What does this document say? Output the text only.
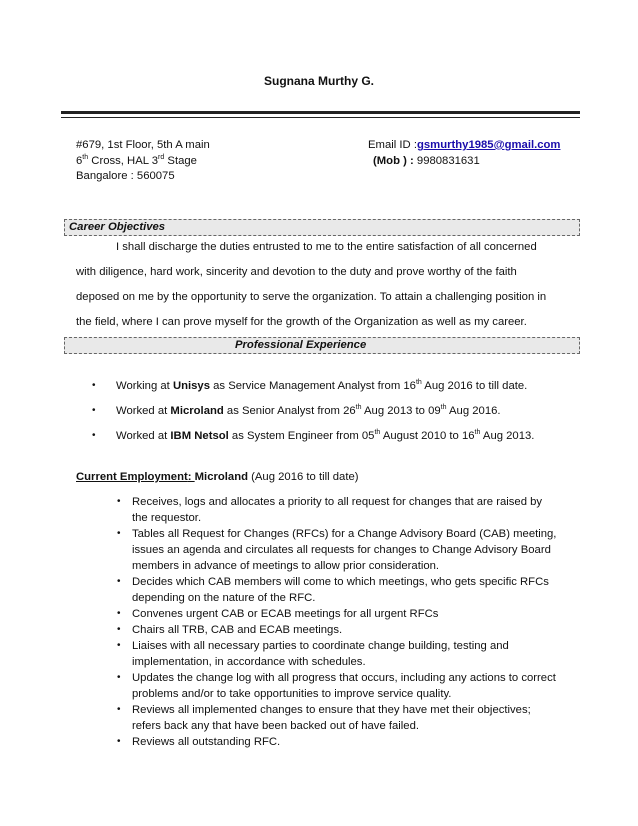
Sugnana Murthy G.
#679, 1st Floor, 5th A main
6th Cross, HAL 3rd Stage
Bangalore : 560075
Email ID :gsmurthy1985@gmail.com
(Mob ) : 9980831631
Career Objectives
I shall discharge the duties entrusted to me to the entire satisfaction of all concerned
with diligence, hard work, sincerity and devotion to the duty and prove worthy of the faith
deposed on me by the opportunity to serve the organization. To attain a challenging position in
the field, where I can prove myself for the growth of the Organization as well as my career.
Professional Experience
• Working at Unisys as Service Management Analyst from 16th Aug 2016 to till date.
• Worked at Microland as Senior Analyst from 26th Aug 2013 to 09th Aug 2016.
• Worked at IBM Netsol as System Engineer from 05th August 2010 to 16th Aug 2013.
Current Employment: Microland (Aug 2016 to till date)
• Receives, logs and allocates a priority to all request for changes that are raised by
the requestor.
• Tables all Request for Changes (RFCs) for a Change Advisory Board (CAB) meeting,
issues an agenda and circulates all requests for changes to Change Advisory Board
members in advance of meetings to allow prior consideration.
• Decides which CAB members will come to which meetings, who gets specific RFCs
depending on the nature of the RFC.
• Convenes urgent CAB or ECAB meetings for all urgent RFCs
• Chairs all TRB, CAB and ECAB meetings.
• Liaises with all necessary parties to coordinate change building, testing and
implementation, in accordance with schedules.
• Updates the change log with all progress that occurs, including any actions to correct
problems and/or to take opportunities to improve service quality.
• Reviews all implemented changes to ensure that they have met their objectives;
refers back any that have been backed out of have failed.
• Reviews all outstanding RFC.
